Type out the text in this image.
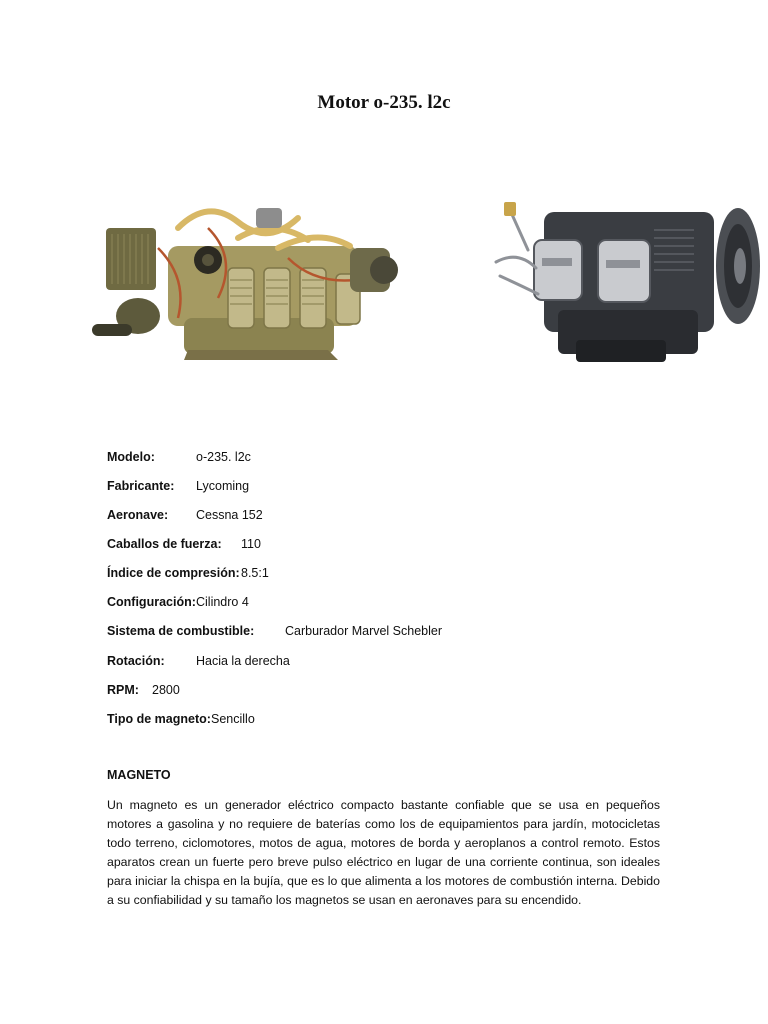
Motor o-235. l2c
Modelo:	o-235. l2c
Fabricante: Lycoming
Aeronave: Cessna 152
Caballos de fuerza: 110
Índice de compresión: 8.5:1
Configuración: Cilindro 4
Sistema de combustible: Carburador Marvel Schebler
Rotación:	Hacia la derecha
RPM: 2800
Tipo de magneto: Sencillo
MAGNETO
Un magneto es un generador eléctrico compacto bastante confiable que se usa en pequeños motores a gasolina y no requiere de baterías como los de equipamientos para jardín, motocicletas todo terreno, ciclomotores, motos de agua, motores de borda y aeroplanos a control remoto. Estos aparatos crean un fuerte pero breve pulso eléctrico en lugar de una corriente continua, son ideales para iniciar la chispa en la bujía, que es lo que alimenta a los motores de combustión interna. Debido a su confiabilidad y su tamaño los magnetos se usan en aeronaves para su encendido.
